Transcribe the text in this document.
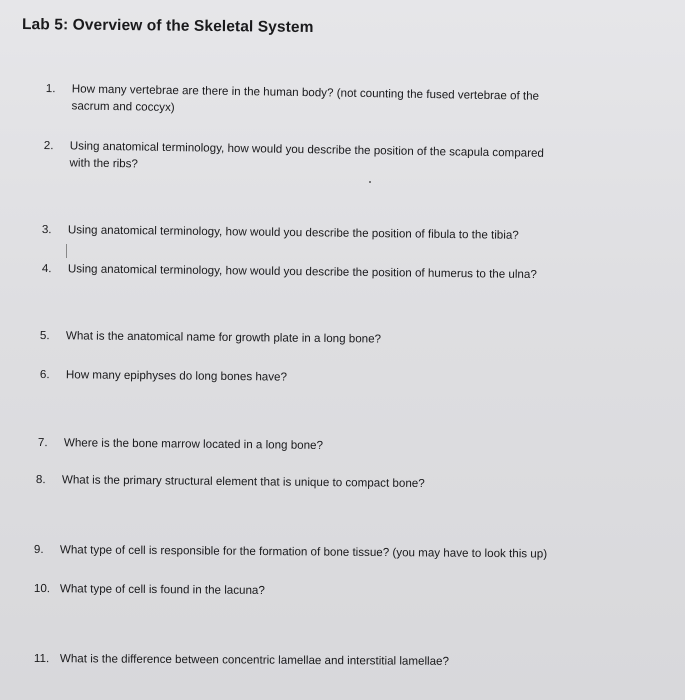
Lab 5: Overview of the Skeletal System
1. How many vertebrae are there in the human body? (not counting the fused vertebrae of the
sacrum and coccyx)
2. Using anatomical terminology, how would you describe the position of the scapula compared
with the ribs?
3. Using anatomical terminology, how would you describe the position of fibula to the tibia?
4. Using anatomical terminology, how would you describe the position of humerus to the ulna?
5. What is the anatomical name for growth plate in a long bone?
6. How many epiphyses do long bones have?
7. Where is the bone marrow located in a long bone?
8. What is the primary structural element that is unique to compact bone?
9. What type of cell is responsible for the formation of bone tissue? (you may have to look this up)
10. What type of cell is found in the lacuna?
11. What is the difference between concentric lamellae and interstitial lamellae?
